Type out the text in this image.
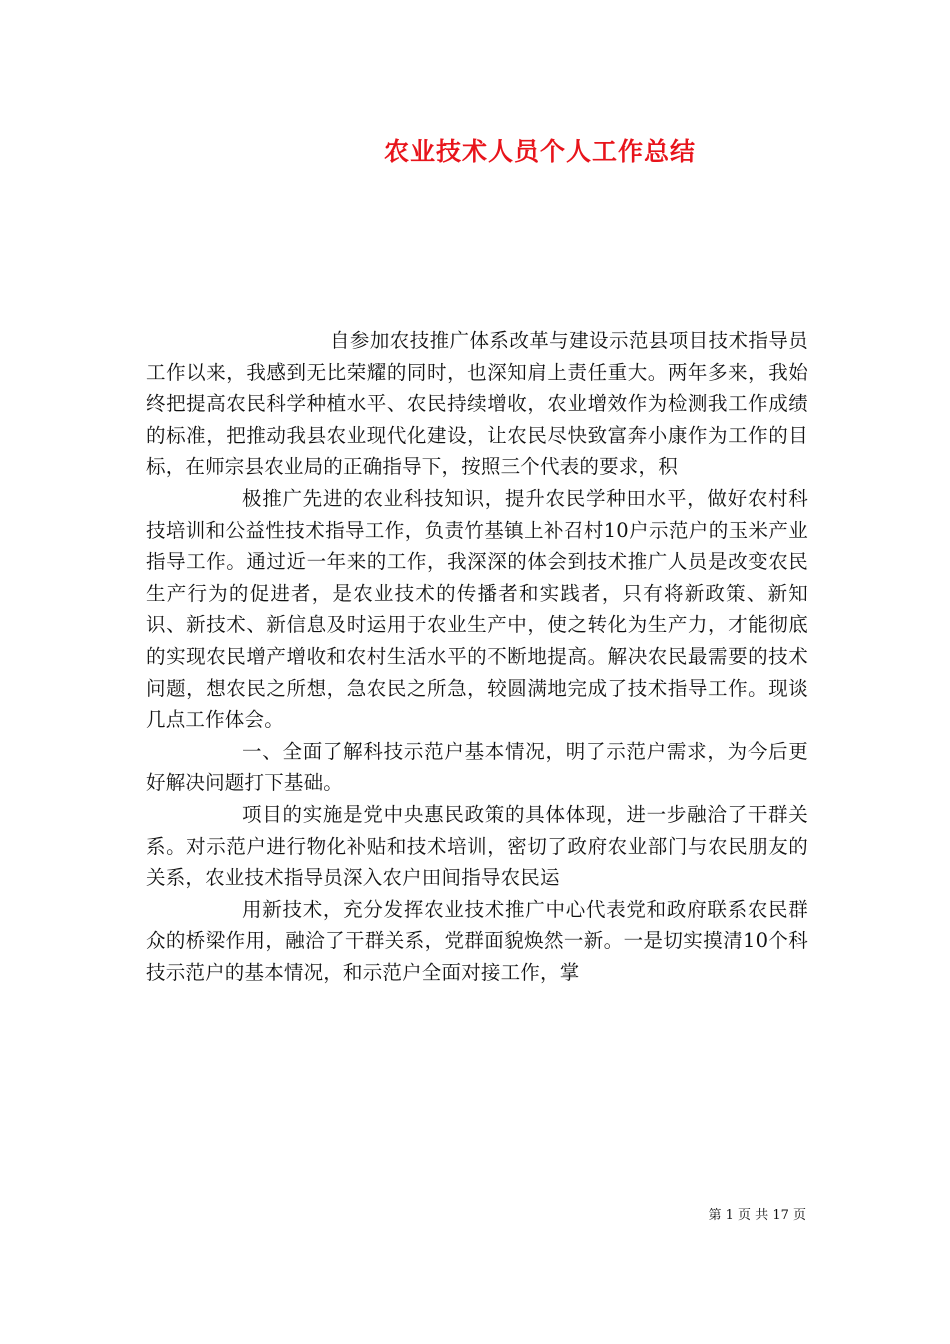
农业技术人员个人工作总结

自参加农技推广体系改革与建设示范县项目技术指导员工作以来，我感到无比荣耀的同时，也深知肩上责任重大。两年多来，我始终把提高农民科学种植水平、农民持续增收，农业增效作为检测我工作成绩的标准，把推动我县农业现代化建设，让农民尽快致富奔小康作为工作的目标，在师宗县农业局的正确指导下，按照三个代表的要求，积

极推广先进的农业科技知识，提升农民学种田水平，做好农村科技培训和公益性技术指导工作，负责竹基镇上补召村10户示范户的玉米产业指导工作。通过近一年来的工作，我深深的体会到技术推广人员是改变农民生产行为的促进者，是农业技术的传播者和实践者，只有将新政策、新知识、新技术、新信息及时运用于农业生产中，使之转化为生产力，才能彻底的实现农民增产增收和农村生活水平的不断地提高。解决农民最需要的技术问题，想农民之所想，急农民之所急，较圆满地完成了技术指导工作。现谈几点工作体会。

一、全面了解科技示范户基本情况，明了示范户需求，为今后更好解决问题打下基础。

项目的实施是党中央惠民政策的具体体现，进一步融洽了干群关系。对示范户进行物化补贴和技术培训，密切了政府农业部门与农民朋友的关系，农业技术指导员深入农户田间指导农民运

用新技术，充分发挥农业技术推广中心代表党和政府联系农民群众的桥梁作用，融洽了干群关系，党群面貌焕然一新。一是切实摸清10个科技示范户的基本情况，和示范户全面对接工作，掌

第 1 页 共 17 页
